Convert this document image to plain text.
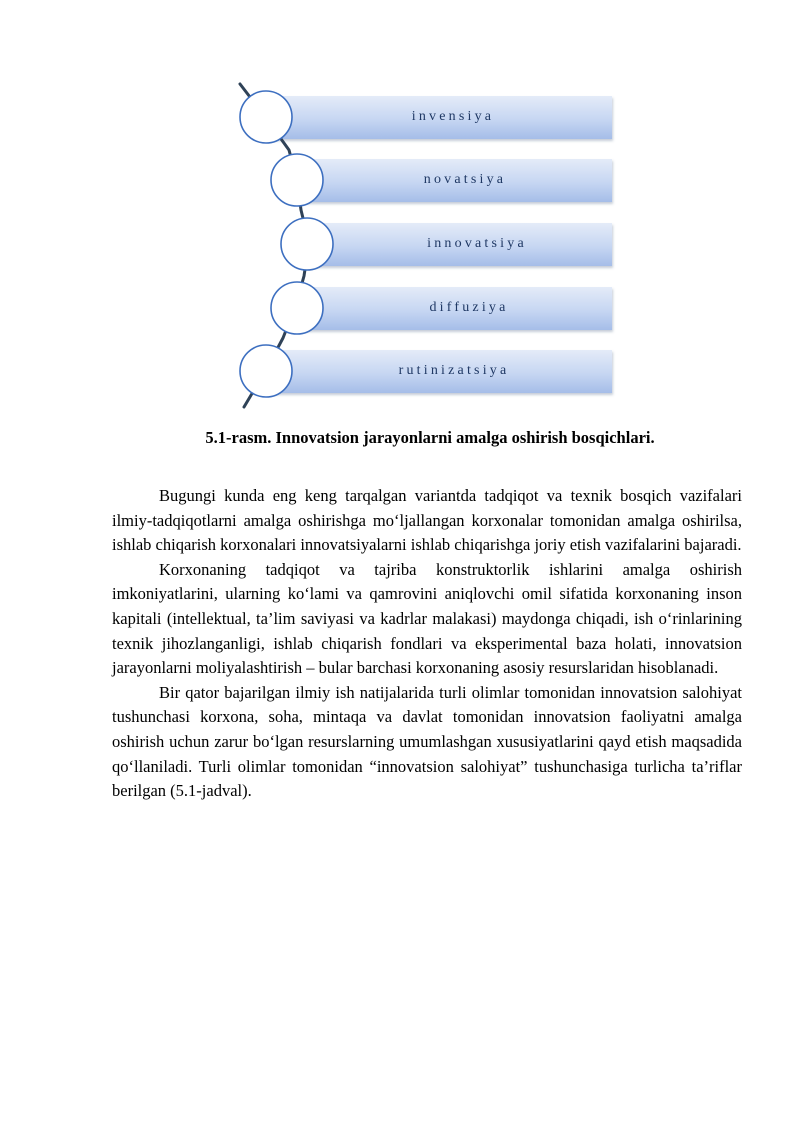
invensiya
novatsiya
innovatsiya
diffuziya
rutinizatsiya
5.1-rasm. Innovatsion jarayonlarni amalga oshirish bosqichlari.

Bugungi kunda eng keng tarqalgan variantda tadqiqot va texnik bosqich vazifalari ilmiy-tadqiqotlarni amalga oshirishga mo‘ljallangan korxonalar tomonidan amalga oshirilsa, ishlab chiqarish korxonalari innovatsiyalarni ishlab chiqarishga joriy etish vazifalarini bajaradi.

Korxonaning tadqiqot va tajriba konstruktorlik ishlarini amalga oshirish imkoniyatlarini, ularning ko‘lami va qamrovini aniqlovchi omil sifatida korxonaning inson kapitali (intellektual, ta’lim saviyasi va kadrlar malakasi) maydonga chiqadi, ish o‘rinlarining texnik jihozlanganligi, ishlab chiqarish fondlari va eksperimental baza holati, innovatsion jarayonlarni moliyalashtirish – bular barchasi korxonaning asosiy resurslaridan hisoblanadi.

Bir qator bajarilgan ilmiy ish natijalarida turli olimlar tomonidan innovatsion salohiyat tushunchasi korxona, soha, mintaqa va davlat tomonidan innovatsion faoliyatni amalga oshirish uchun zarur bo‘lgan resurslarning umumlashgan xususiyatlarini qayd etish maqsadida qo‘llaniladi. Turli olimlar tomonidan “innovatsion salohiyat” tushunchasiga turlicha ta’riflar berilgan (5.1-jadval).
